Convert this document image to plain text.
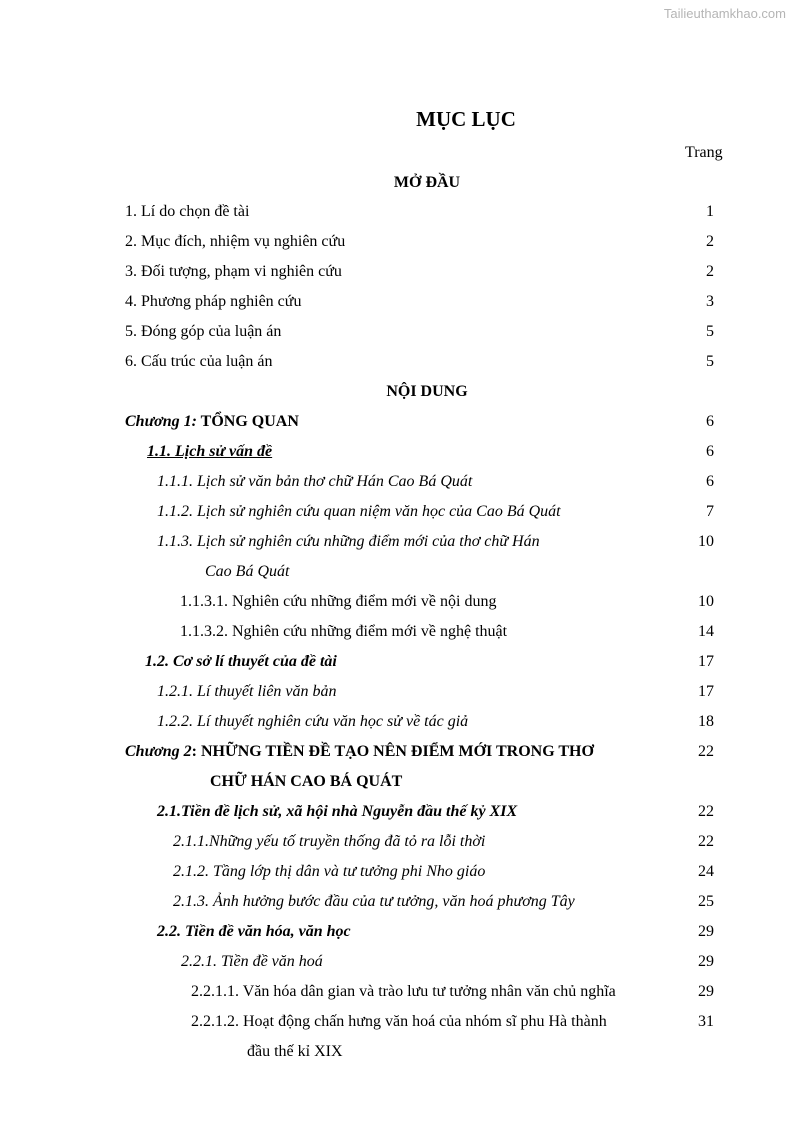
Tailieuthamkhao.com
MỤC LỤC
Trang
MỞ ĐẦU
1. Lí do chọn đề tài	1
2. Mục đích, nhiệm vụ nghiên cứu	2
3. Đối tượng, phạm vi nghiên cứu	2
4. Phương pháp nghiên cứu	3
5. Đóng góp của luận án	5
6. Cấu trúc của luận án	5
NỘI DUNG
Chương 1: TỔNG QUAN	6
1.1. Lịch sử vấn đề	6
1.1.1. Lịch sử văn bản thơ chữ Hán Cao Bá Quát	6
1.1.2. Lịch sử nghiên cứu quan niệm văn học của Cao Bá Quát	7
1.1.3. Lịch sử nghiên cứu những điểm mới của thơ chữ Hán	10
Cao Bá Quát
1.1.3.1. Nghiên cứu những điểm mới về nội dung	10
1.1.3.2. Nghiên cứu những điểm mới về nghệ thuật	14
1.2. Cơ sở lí thuyết của đề tài	17
1.2.1. Lí thuyết liên văn bản	17
1.2.2. Lí thuyết nghiên cứu văn học sử về tác giả	18
Chương 2: NHỮNG TIỀN ĐỀ TẠO NÊN ĐIỂM MỚI TRONG THƠ	22
CHỮ HÁN CAO BÁ QUÁT
2.1.Tiền đề lịch sử, xã hội nhà Nguyễn đầu thế kỷ XIX	22
2.1.1.Những yếu tố truyền thống đã tỏ ra lỗi thời	22
2.1.2. Tầng lớp thị dân và tư tưởng phi Nho giáo	24
2.1.3. Ảnh hưởng bước đầu của tư tưởng, văn hoá phương Tây	25
2.2. Tiền đề văn hóa, văn học	29
2.2.1. Tiền đề văn hoá	29
2.2.1.1. Văn hóa dân gian và trào lưu tư tưởng nhân văn chủ nghĩa	29
2.2.1.2. Hoạt động chấn hưng văn hoá của nhóm sĩ phu Hà thành	31
đầu thế kỉ XIX
